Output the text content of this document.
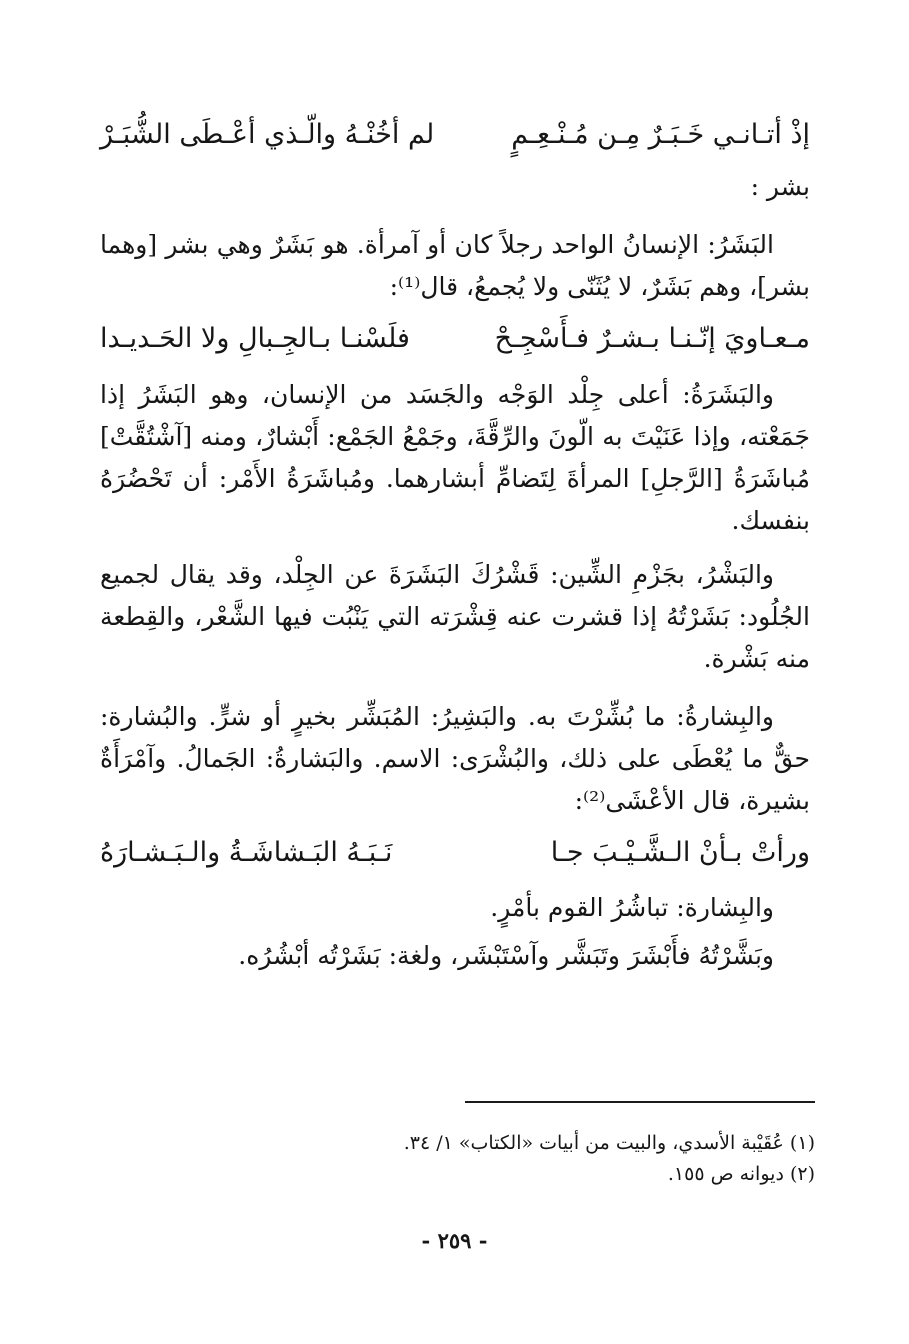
إذْ أتـانـي خَـبَـرٌ مِـن مُـنْـعِـمٍ
لم أخُنْـهُ والّـذي أعْـطَى الشُّبَـرْ

بشر :

البَشَرُ: الإنسانُ الواحد رجلاً كان أو آمرأة. هو بَشَرٌ وهي بشر [وهما بشر]، وهم بَشَرٌ، لا يُثَنّى ولا يُجمعُ، قال⁽¹⁾:

مـعـاويَ إنّـنـا بـشـرٌ فـأَسْجِـحْ
فلَسْنـا بـالجِـبالِ ولا الحَـديـدا

والبَشَرَةُ: أعلى جِلْد الوَجْه والجَسَد من الإنسان، وهو البَشَرُ إذا جَمَعْته، وإذا عَنَيْتَ به الّونَ والرِّقَّةَ، وجَمْعُ الجَمْع: أَبْشارٌ، ومنه [آشْتُقَّتْ] مُباشَرَةُ [الرَّجلِ] المرأةَ لِتَضامِّ أبشارهما. ومُباشَرَةُ الأَمْر: أن تَحْضُرَهُ بنفسك.

والبَشْرُ، بجَزْمِ الشِّين: قَشْرُكَ البَشَرَةَ عن الجِلْد، وقد يقال لجميع الجُلُود: بَشَرْتُهُ إذا قشرت عنه قِشْرَته التي يَنْبُت فيها الشَّعْر، والقِطعة منه بَشْرة.

والبِشارةُ: ما بُشِّرْتَ به. والبَشِيرُ: المُبَشِّر بخيرٍ أو شرٍّ. والبُشارة: حقٌّ ما يُعْطَى على ذلك، والبُشْرَى: الاسم. والبَشارةُ: الجَمالُ. وآمْرَأَةٌ بشيرة، قال الأعْشَى⁽²⁾:

ورأتْ بـأنْ الـشَّـيْـبَ جـا
نَـبَـهُ البَـشاشَـةُ والـبَـشـارَهُ
والبِشارة: تباشُرُ القوم بأمْرٍ.
وبَشَّرْتُهُ فأَبْشَرَ وتَبَشَّر وآسْتَبْشَر، ولغة: بَشَرْتُه أبْشُرُه.
(١) عُقَيْبة الأسدي، والبيت من أبيات «الكتاب» ١/ ٣٤.
(٢) ديوانه ص ١٥٥.
- ٢٥٩ -
